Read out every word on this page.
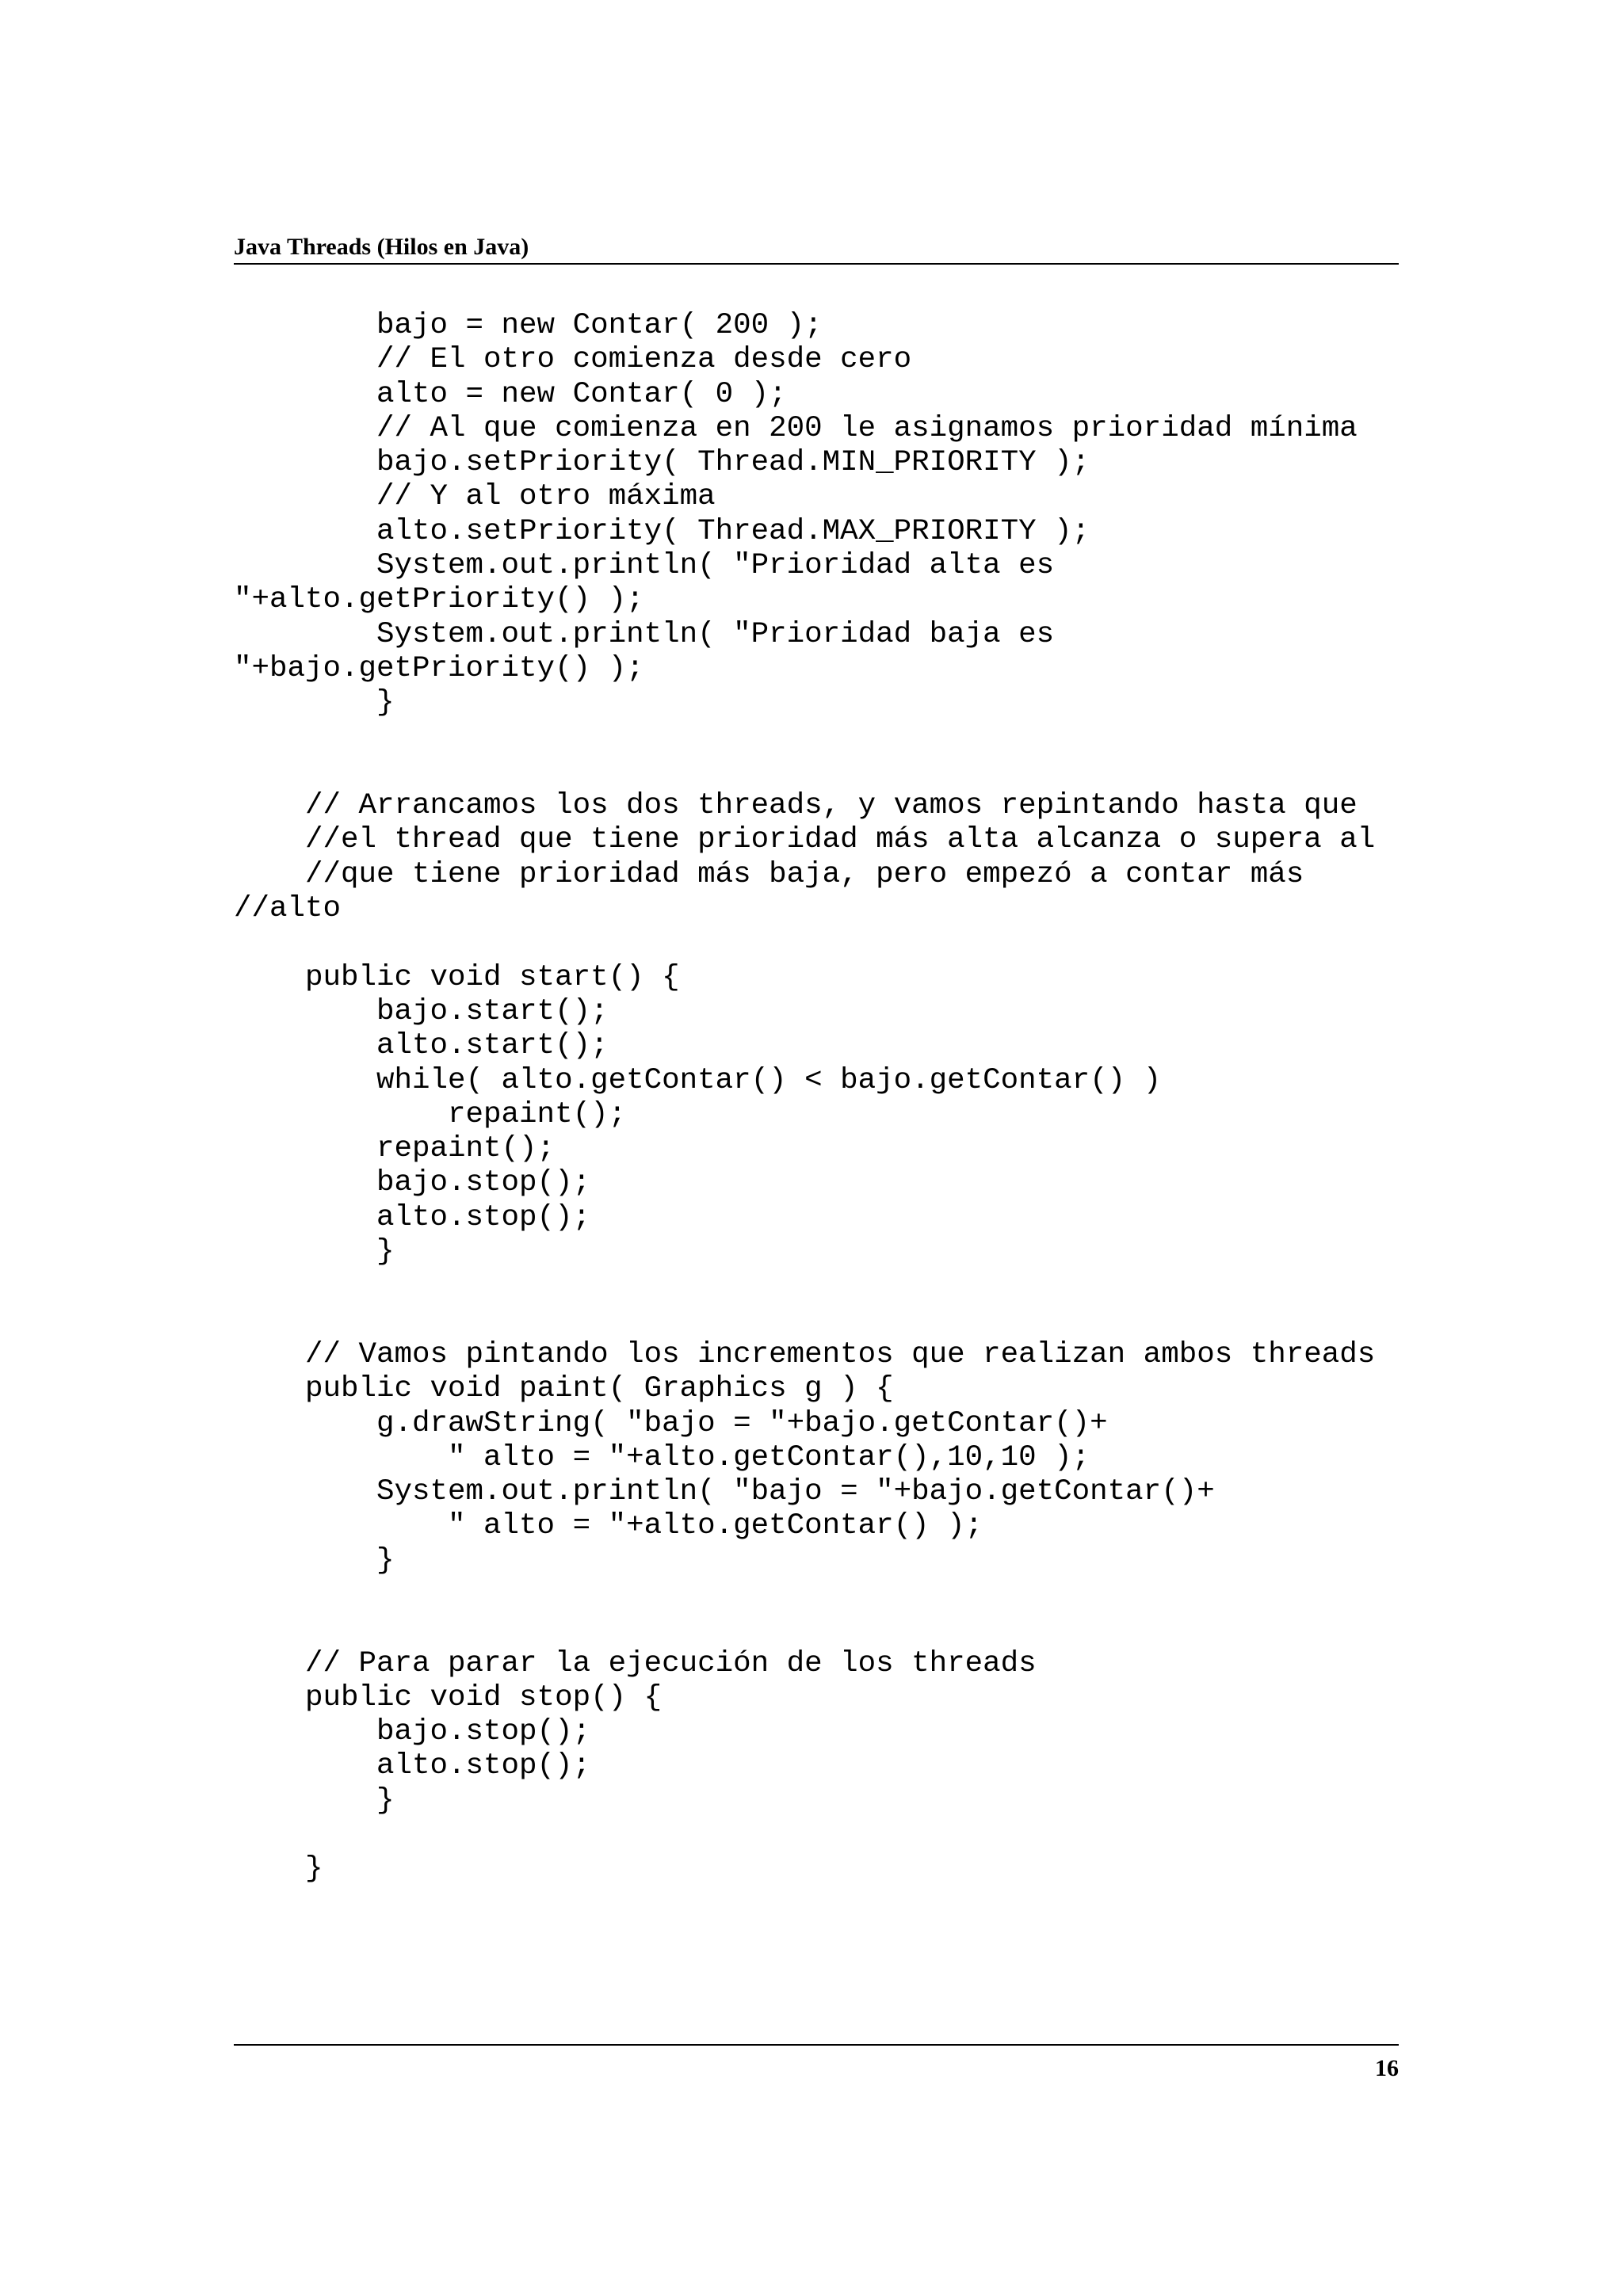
Java Threads (Hilos en Java)
bajo = new Contar( 200 );
// El otro comienza desde cero
alto = new Contar( 0 );
// Al que comienza en 200 le asignamos prioridad mínima
bajo.setPriority( Thread.MIN_PRIORITY );
// Y al otro máxima
alto.setPriority( Thread.MAX_PRIORITY );
System.out.println( "Prioridad alta es
"+alto.getPriority() );
System.out.println( "Prioridad baja es
"+bajo.getPriority() );
}
// Arrancamos los dos threads, y vamos repintando hasta que
//el thread que tiene prioridad más alta alcanza o supera al
//que tiene prioridad más baja, pero empezó a contar más
//alto
public void start() {
bajo.start();
alto.start();
while( alto.getContar() < bajo.getContar() )
repaint();
repaint();
bajo.stop();
alto.stop();
}
// Vamos pintando los incrementos que realizan ambos threads
public void paint( Graphics g ) {
g.drawString( "bajo = "+bajo.getContar()+
" alto = "+alto.getContar(),10,10 );
System.out.println( "bajo = "+bajo.getContar()+
" alto = "+alto.getContar() );
}
// Para parar la ejecución de los threads
public void stop() {
bajo.stop();
alto.stop();
}
}
16
